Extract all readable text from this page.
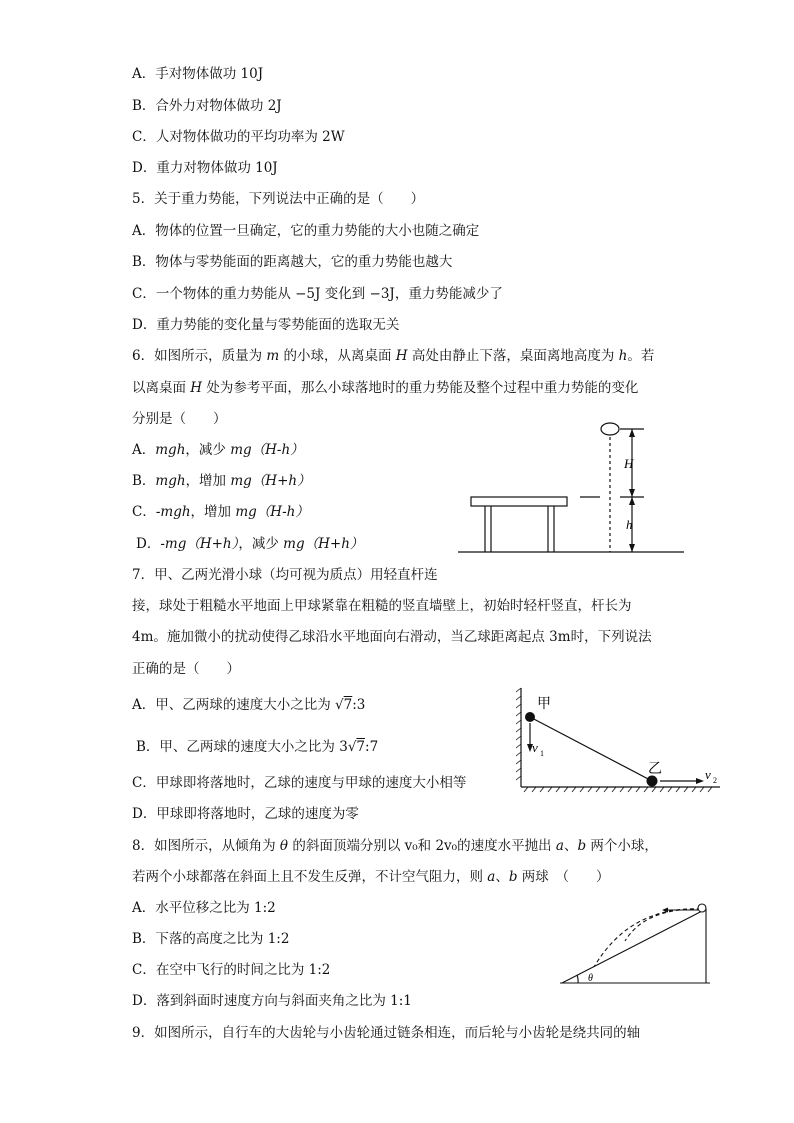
A．手对物体做功 10J
B．合外力对物体做功 2J
C．人对物体做功的平均功率为 2W
D．重力对物体做功 10J
5．关于重力势能，下列说法中正确的是（　　）
A．物体的位置一旦确定，它的重力势能的大小也随之确定
B．物体与零势能面的距离越大，它的重力势能也越大
C．一个物体的重力势能从 −5J 变化到 −3J，重力势能减少了
D．重力势能的变化量与零势能面的选取无关
6．如图所示，质量为 m 的小球，从离桌面 H 高处由静止下落，桌面离地高度为 h。若
以离桌面 H 处为参考平面，那么小球落地时的重力势能及整个过程中重力势能的变化
分别是（　　）
A．mgh，减少 mg（H-h）
B．mgh，增加 mg（H+h）
C．-mgh，增加 mg（H-h）
D．-mg（H+h），减少 mg（H+h）
H
h
7．甲、乙两光滑小球（均可视为质点）用轻直杆连
接，球处于粗糙水平地面上甲球紧靠在粗糙的竖直墙壁上，初始时轻杆竖直，杆长为
4m。施加微小的扰动使得乙球沿水平地面向右滑动，当乙球距离起点 3m时，下列说法
正确的是（　　）
A．甲、乙两球的速度大小之比为 √7:3
B．甲、乙两球的速度大小之比为 3√7:7
C．甲球即将落地时，乙球的速度与甲球的速度大小相等
D．甲球即将落地时，乙球的速度为零
甲
乙
v 1
v 2
8．如图所示，从倾角为 θ 的斜面顶端分别以 v₀和 2v₀的速度水平抛出 a、b 两个小球，
若两个小球都落在斜面上且不发生反弹，不计空气阻力，则 a、b 两球　（　　）
A．水平位移之比为 1:2
B．下落的高度之比为 1:2
C．在空中飞行的时间之比为 1:2
D．落到斜面时速度方向与斜面夹角之比为 1:1
θ
9．如图所示，自行车的大齿轮与小齿轮通过链条相连，而后轮与小齿轮是绕共同的轴
